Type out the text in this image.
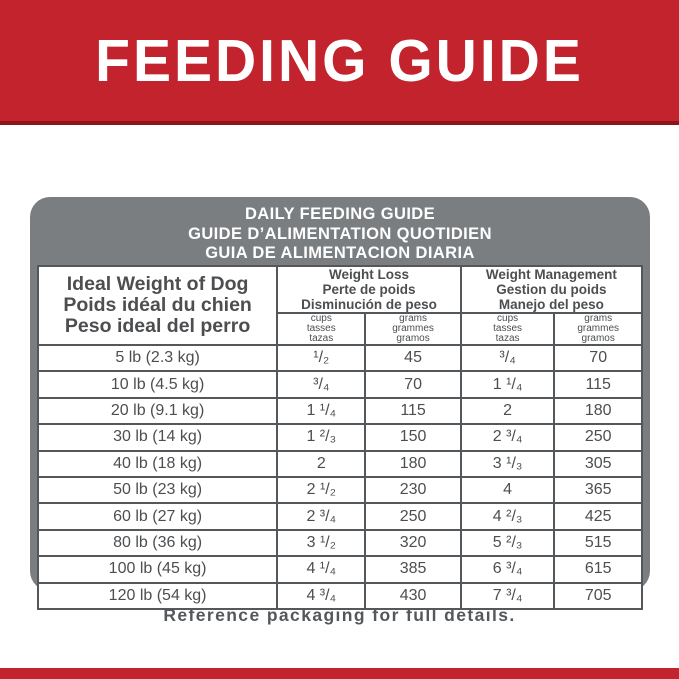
FEEDING GUIDE
DAILY FEEDING GUIDE
GUIDE D’ALIMENTATION QUOTIDIEN
GUIA DE ALIMENTACION DIARIA
Ideal Weight of Dog
Poids idéal du chien
Peso ideal del perro

Weight Loss
Perte de poids
Disminución de peso

Weight Management
Gestion du poids
Manejo del peso

cups
tasses
tazas

grams
grammes
gramos

cups
tasses
tazas

grams
grammes
gramos

5 lb (2.3 kg)	¹/₂	45	³/₄	70
10 lb (4.5 kg)	³/₄	70	1 ¹/₄	115
20 lb (9.1 kg)	1 ¹/₄	115	2	180
30 lb (14 kg)	1 ²/₃	150	2 ³/₄	250
40 lb (18 kg)	2	180	3 ¹/₃	305
50 lb (23 kg)	2 ¹/₂	230	4	365
60 lb (27 kg)	2 ³/₄	250	4 ²/₃	425
80 lb (36 kg)	3 ¹/₂	320	5 ²/₃	515
100 lb (45 kg)	4 ¹/₄	385	6 ³/₄	615
120 lb (54 kg)	4 ³/₄	430	7 ³/₄	705
Reference packaging for full details.
